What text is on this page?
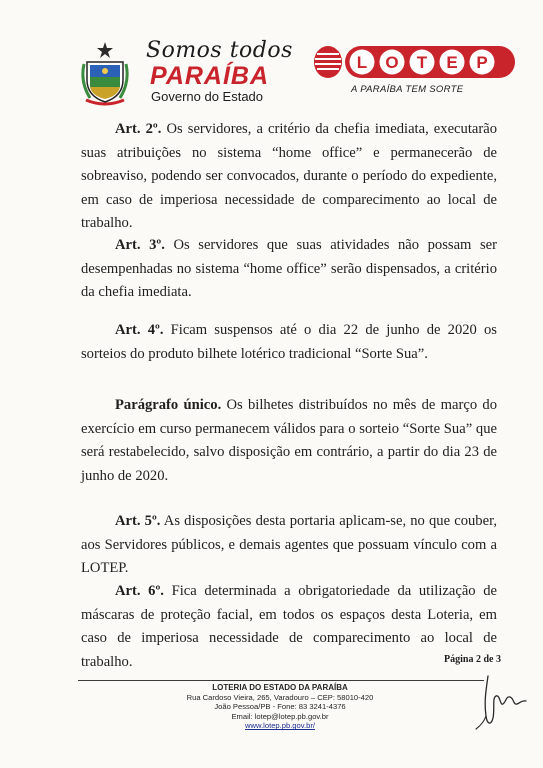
Somos todos
PARAÍBA
Governo do Estado
L O T E P
A PARAÍBA TEM SORTE

Art. 2º. Os servidores, a critério da chefia imediata, executarão suas atribuições no sistema “home office” e permanecerão de sobreaviso, podendo ser convocados, durante o período do expediente, em caso de imperiosa necessidade de comparecimento ao local de trabalho.

Art. 3º. Os servidores que suas atividades não possam ser desempenhadas no sistema “home office” serão dispensados, a critério da chefia imediata.

Art. 4º. Ficam suspensos até o dia 22 de junho de 2020 os sorteios do produto bilhete lotérico tradicional “Sorte Sua”.

Parágrafo único. Os bilhetes distribuídos no mês de março do exercício em curso permanecem válidos para o sorteio “Sorte Sua” que será restabelecido, salvo disposição em contrário, a partir do dia 23 de junho de 2020.

Art. 5º. As disposições desta portaria aplicam-se, no que couber, aos Servidores públicos, e demais agentes que possuam vínculo com a LOTEP.

Art. 6º. Fica determinada a obrigatoriedade da utilização de máscaras de proteção facial, em todos os espaços desta Loteria, em caso de imperiosa necessidade de comparecimento ao local de trabalho.	Página 2 de 3
LOTERIA DO ESTADO DA PARAÍBA
Rua Cardoso Vieira, 265, Varadouro – CEP: 58010-420
João Pessoa/PB - Fone: 83 3241-4376
Email: lotep@lotep.pb.gov.br
www.lotep.pb.gov.br/
